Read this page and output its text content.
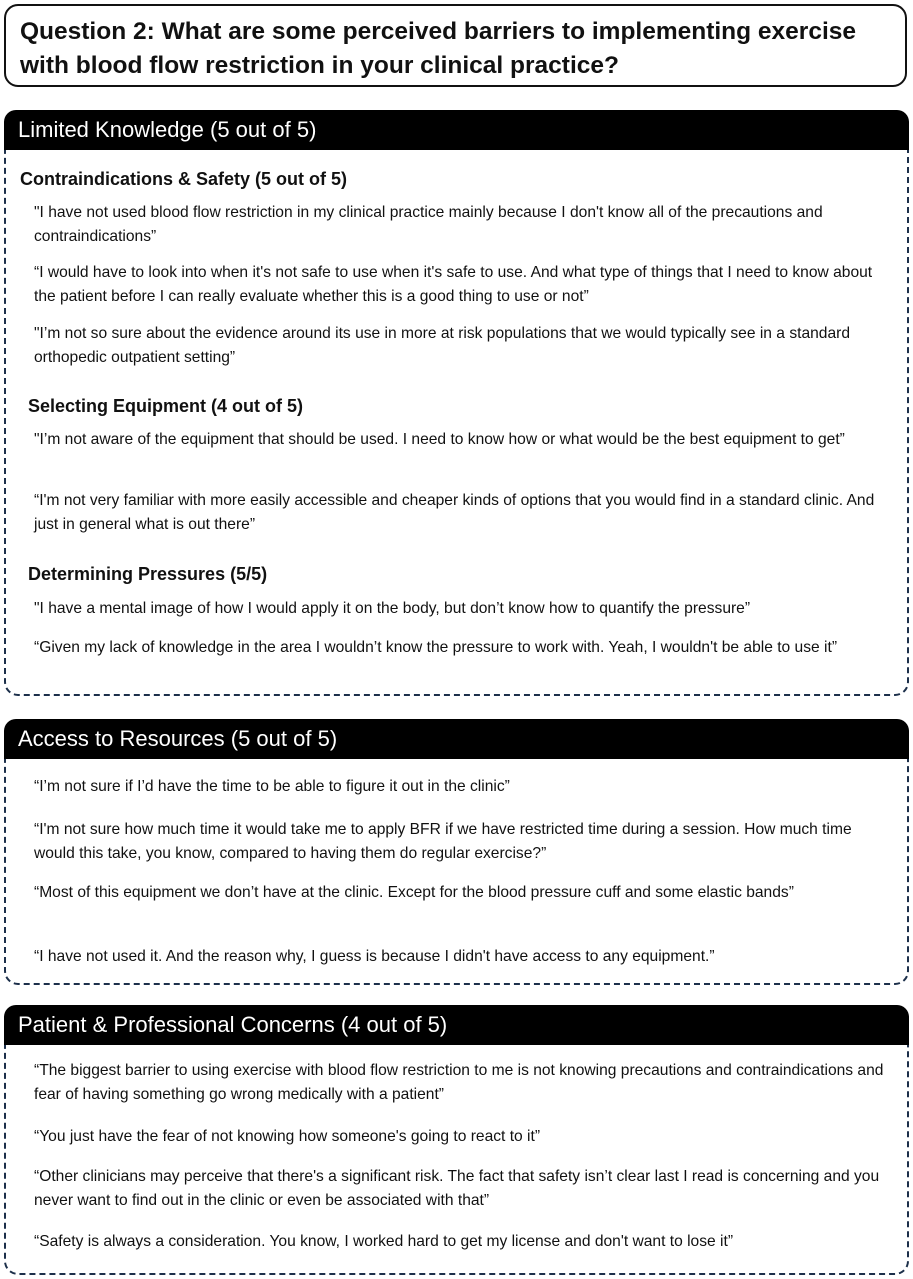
Question 2: What are some perceived barriers to implementing exercise with blood flow restriction in your clinical practice?
Limited Knowledge (5 out of 5)
Contraindications & Safety (5 out of 5)
"I have not used blood flow restriction in my clinical practice mainly because I don't know all of the precautions and contraindications”
“I would have to look into when it's not safe to use when it's safe to use. And what type of things that I need to know about the patient before I can really evaluate whether this is a good thing to use or not”
"I’m not so sure about the evidence around its use in more at risk populations that we would typically see in a standard orthopedic outpatient setting”
Selecting Equipment (4 out of 5)
"I’m not aware of the equipment that should be used. I need to know how or what would be the best equipment to get”
“I'm not very familiar with more easily accessible and cheaper kinds of options that you would find in a standard clinic. And just in general what is out there”
Determining Pressures (5/5)
"I have a mental image of how I would apply it on the body, but don’t know how to quantify the pressure”
“Given my lack of knowledge in the area I wouldn’t know the pressure to work with. Yeah, I wouldn't be able to use it”
Access to Resources (5 out of 5)
“I’m not sure if I’d have the time to be able to figure it out in the clinic”
“I'm not sure how much time it would take me to apply BFR if we have restricted time during a session. How much time would this take, you know, compared to having them do regular exercise?”
“Most of this equipment we don’t have at the clinic. Except for the blood pressure cuff and some elastic bands”
“I have not used it. And the reason why, I guess is because I didn't have access to any equipment.”
Patient & Professional Concerns (4 out of 5)
“The biggest barrier to using exercise with blood flow restriction to me is not knowing precautions and contraindications and fear of having something go wrong medically with a patient”
“You just have the fear of not knowing how someone's going to react to it”
“Other clinicians may perceive that there's a significant risk. The fact that safety isn’t clear last I read is concerning and you never want to find out in the clinic or even be associated with that”
“Safety is always a consideration. You know, I worked hard to get my license and don't want to lose it”
